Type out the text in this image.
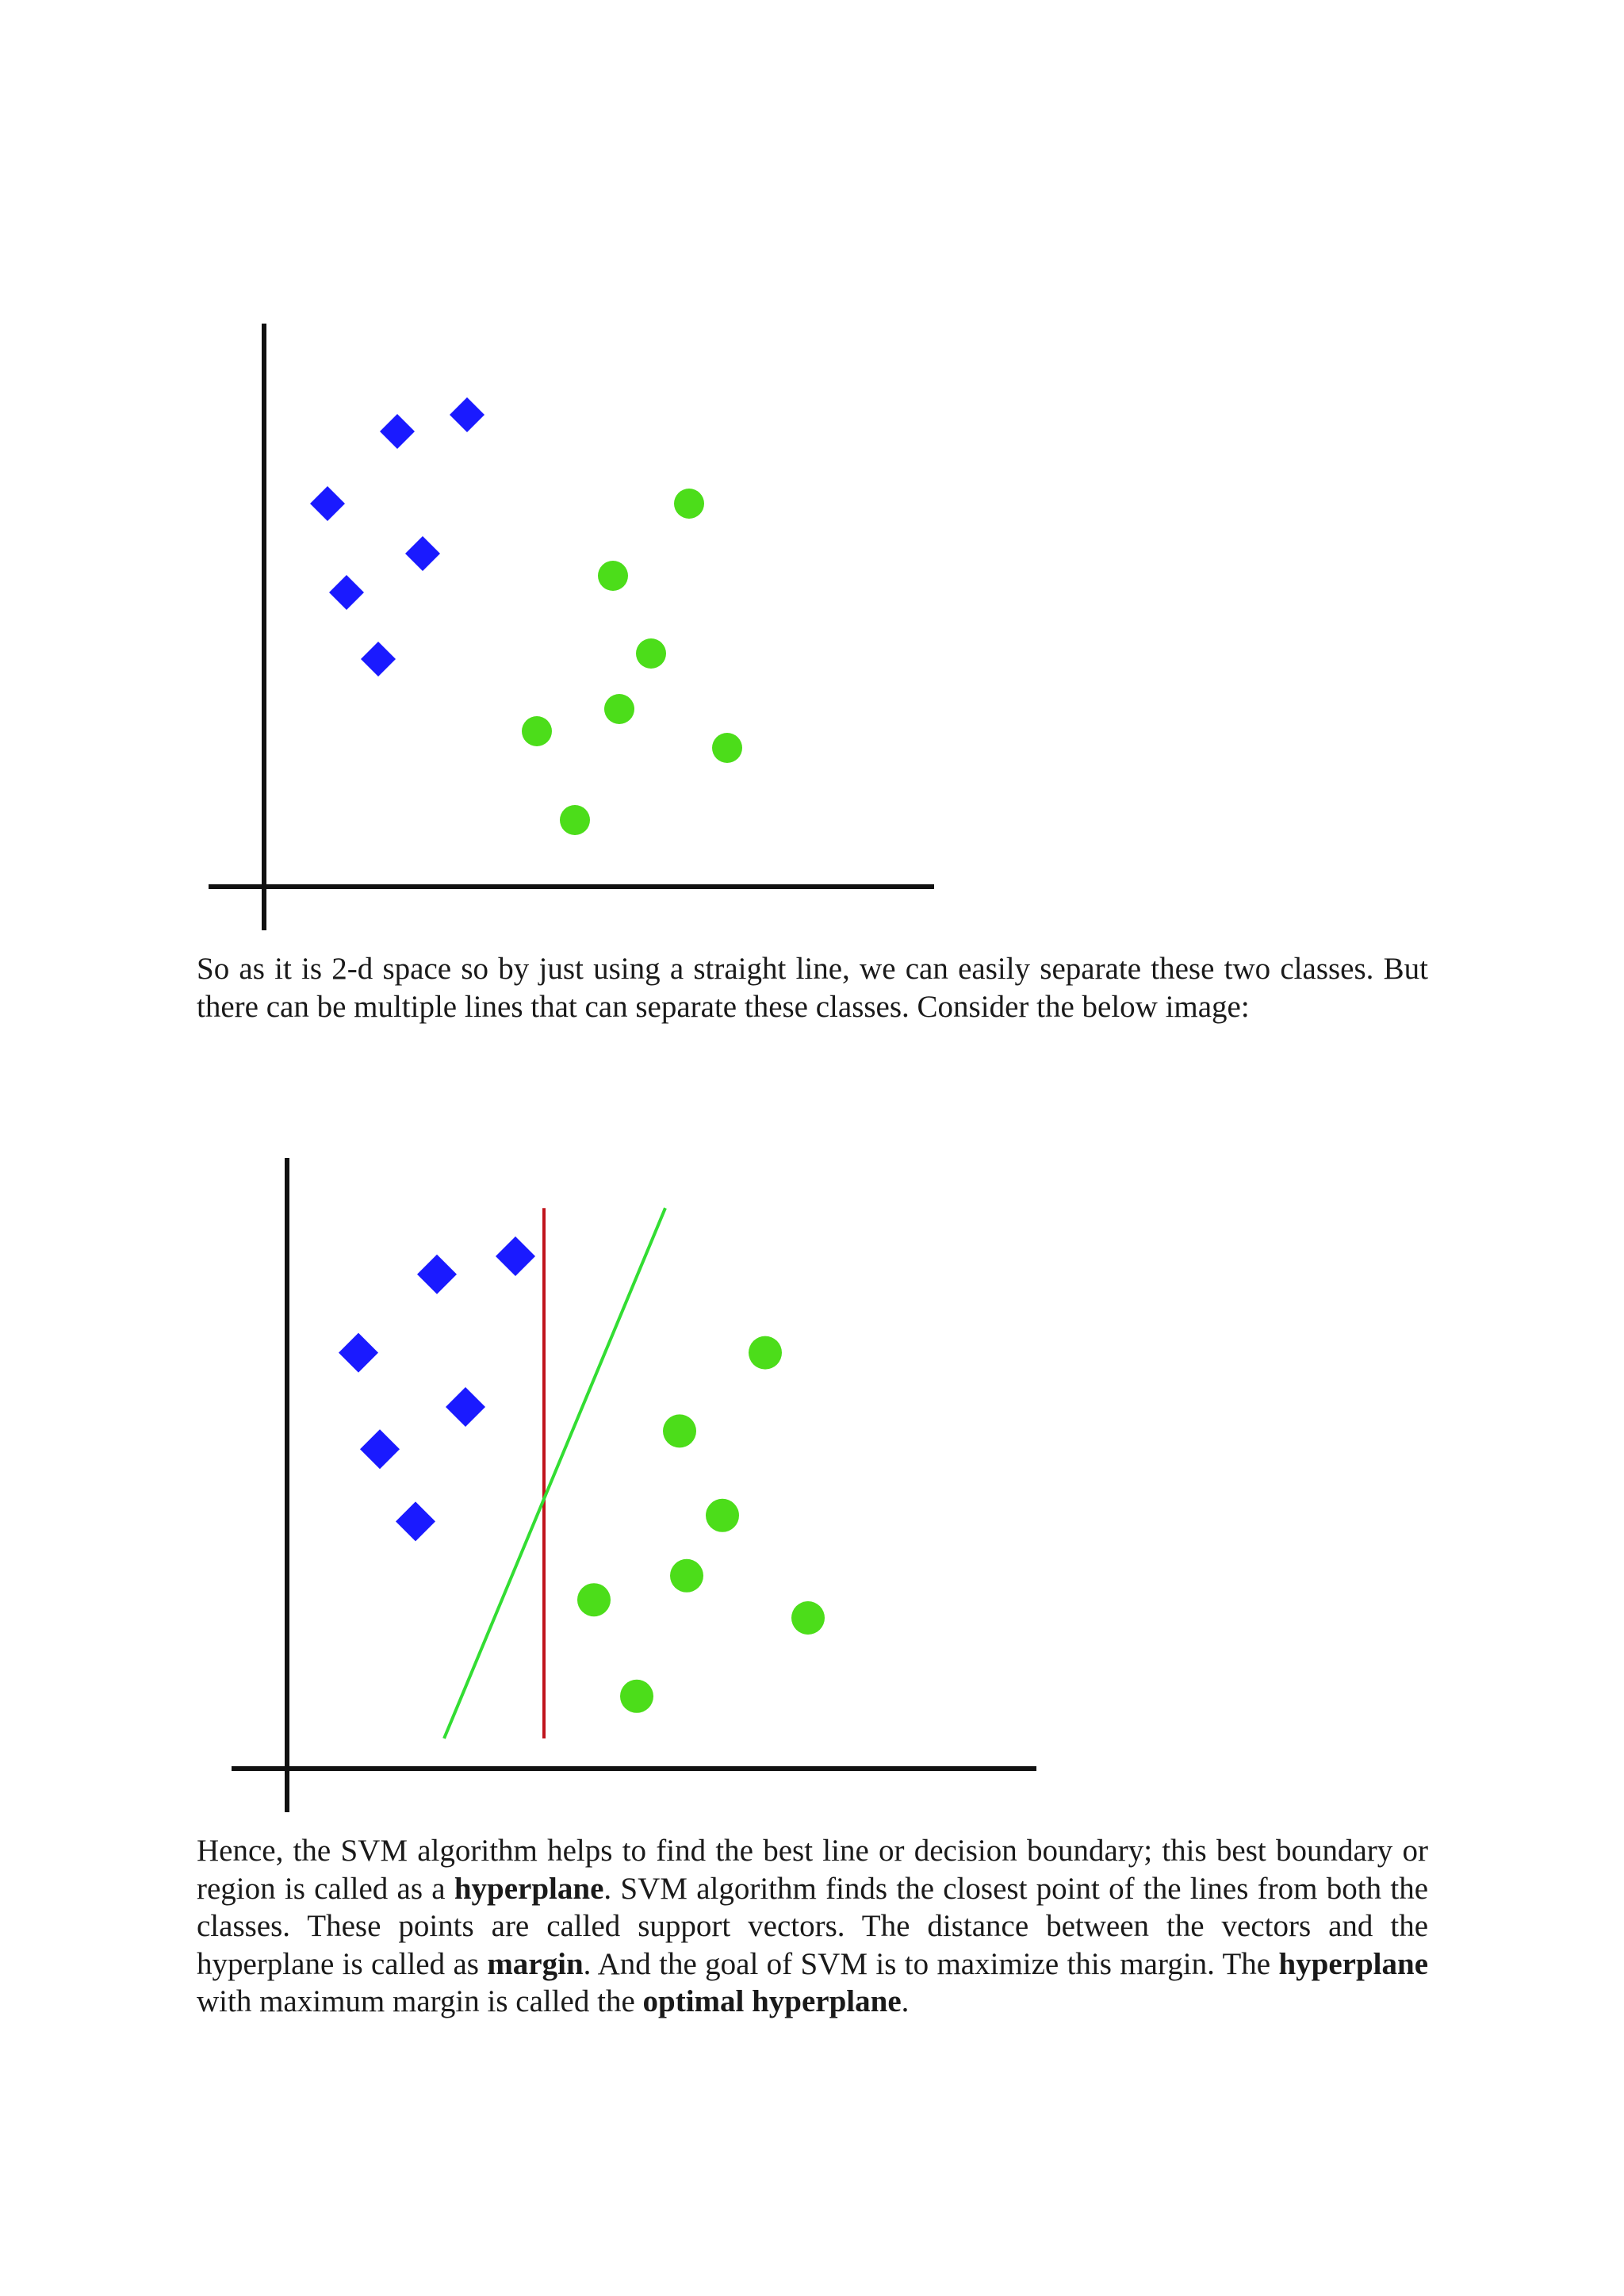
So as it is 2-d space so by just using a straight line, we can easily separate these two classes. But there can be multiple lines that can separate these classes. Consider the below image:

Hence, the SVM algorithm helps to find the best line or decision boundary; this best boundary or region is called as a hyperplane. SVM algorithm finds the closest point of the lines from both the classes. These points are called support vectors. The distance between the vectors and the hyperplane is called as margin. And the goal of SVM is to maximize this margin. The hyperplane with maximum margin is called the optimal hyperplane.
